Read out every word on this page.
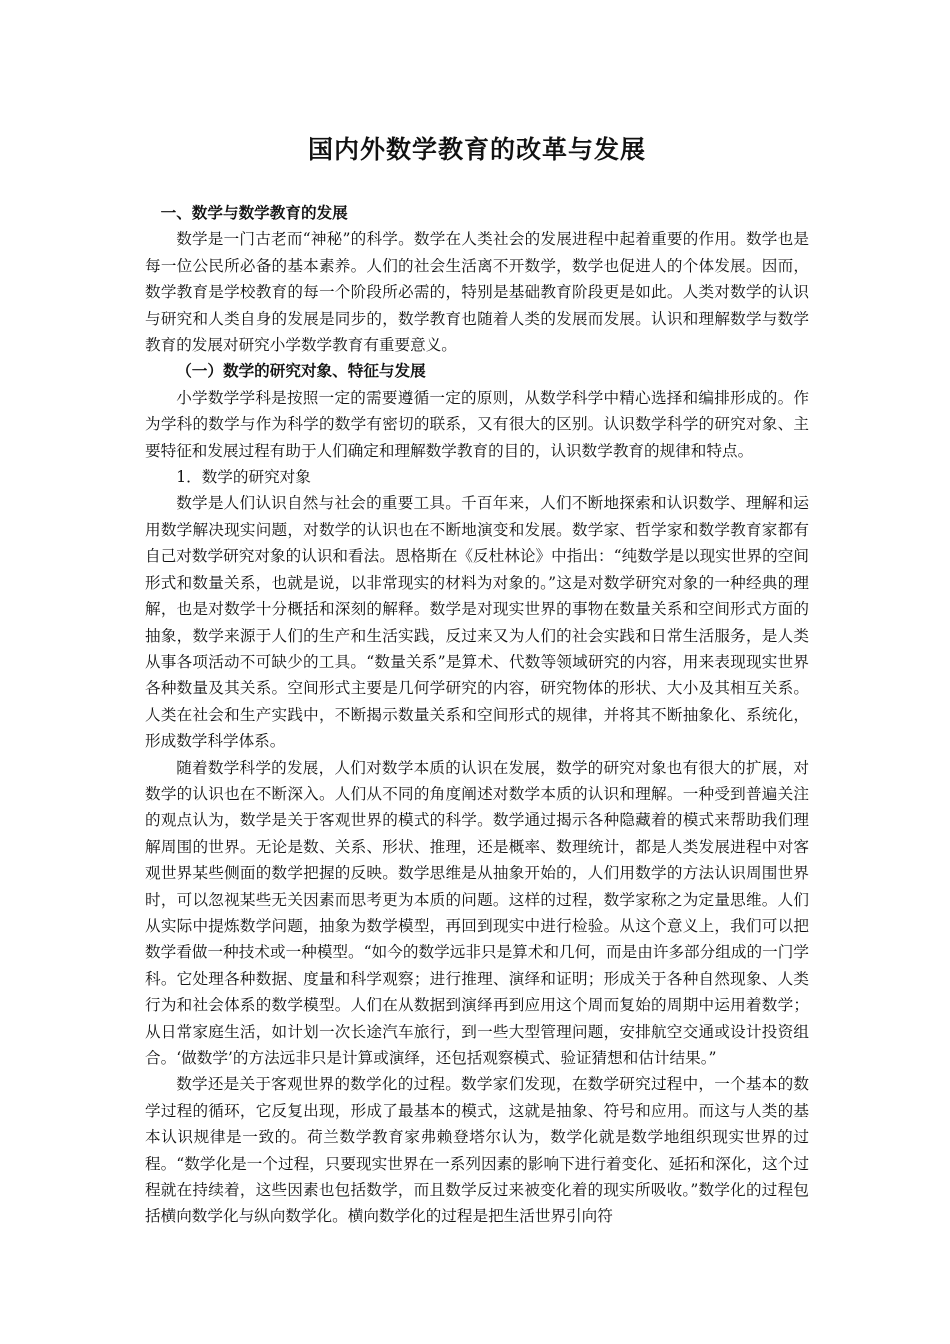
国内外数学教育的改革与发展

一、数学与数学教育的发展

数学是一门古老而“神秘”的科学。数学在人类社会的发展进程中起着重要的作用。数学也是每一位公民所必备的基本素养。人们的社会生活离不开数学，数学也促进人的个体发展。因而，数学教育是学校教育的每一个阶段所必需的，特别是基础教育阶段更是如此。人类对数学的认识与研究和人类自身的发展是同步的，数学教育也随着人类的发展而发展。认识和理解数学与数学教育的发展对研究小学数学教育有重要意义。

（一）数学的研究对象、特征与发展

小学数学学科是按照一定的需要遵循一定的原则，从数学科学中精心选择和编排形成的。作为学科的数学与作为科学的数学有密切的联系，又有很大的区别。认识数学科学的研究对象、主要特征和发展过程有助于人们确定和理解数学教育的目的，认识数学教育的规律和特点。

1．数学的研究对象

数学是人们认识自然与社会的重要工具。千百年来，人们不断地探索和认识数学、理解和运用数学解决现实问题，对数学的认识也在不断地演变和发展。数学家、哲学家和数学教育家都有自己对数学研究对象的认识和看法。恩格斯在《反杜林论》中指出：“纯数学是以现实世界的空间形式和数量关系，也就是说，以非常现实的材料为对象的。”这是对数学研究对象的一种经典的理解，也是对数学十分概括和深刻的解释。数学是对现实世界的事物在数量关系和空间形式方面的抽象，数学来源于人们的生产和生活实践，反过来又为人们的社会实践和日常生活服务，是人类从事各项活动不可缺少的工具。“数量关系”是算术、代数等领域研究的内容，用来表现现实世界各种数量及其关系。空间形式主要是几何学研究的内容，研究物体的形状、大小及其相互关系。人类在社会和生产实践中，不断揭示数量关系和空间形式的规律，并将其不断抽象化、系统化，形成数学科学体系。

随着数学科学的发展，人们对数学本质的认识在发展，数学的研究对象也有很大的扩展，对数学的认识也在不断深入。人们从不同的角度阐述对数学本质的认识和理解。一种受到普遍关注的观点认为，数学是关于客观世界的模式的科学。数学通过揭示各种隐藏着的模式来帮助我们理解周围的世界。无论是数、关系、形状、推理，还是概率、数理统计，都是人类发展进程中对客观世界某些侧面的数学把握的反映。数学思维是从抽象开始的，人们用数学的方法认识周围世界时，可以忽视某些无关因素而思考更为本质的问题。这样的过程，数学家称之为定量思维。人们从实际中提炼数学问题，抽象为数学模型，再回到现实中进行检验。从这个意义上，我们可以把数学看做一种技术或一种模型。“如今的数学远非只是算术和几何，而是由许多部分组成的一门学科。它处理各种数据、度量和科学观察；进行推理、演绎和证明；形成关于各种自然现象、人类行为和社会体系的数学模型。人们在从数据到演绎再到应用这个周而复始的周期中运用着数学；从日常家庭生活，如计划一次长途汽车旅行，到一些大型管理问题，安排航空交通或设计投资组合。‘做数学’的方法远非只是计算或演绎，还包括观察模式、验证猜想和估计结果。”

数学还是关于客观世界的数学化的过程。数学家们发现，在数学研究过程中，一个基本的数学过程的循环，它反复出现，形成了最基本的模式，这就是抽象、符号和应用。而这与人类的基本认识规律是一致的。荷兰数学教育家弗赖登塔尔认为，数学化就是数学地组织现实世界的过程。“数学化是一个过程，只要现实世界在一系列因素的影响下进行着变化、延拓和深化，这个过程就在持续着，这些因素也包括数学，而且数学反过来被变化着的现实所吸收。”数学化的过程包括横向数学化与纵向数学化。横向数学化的过程是把生活世界引向符
